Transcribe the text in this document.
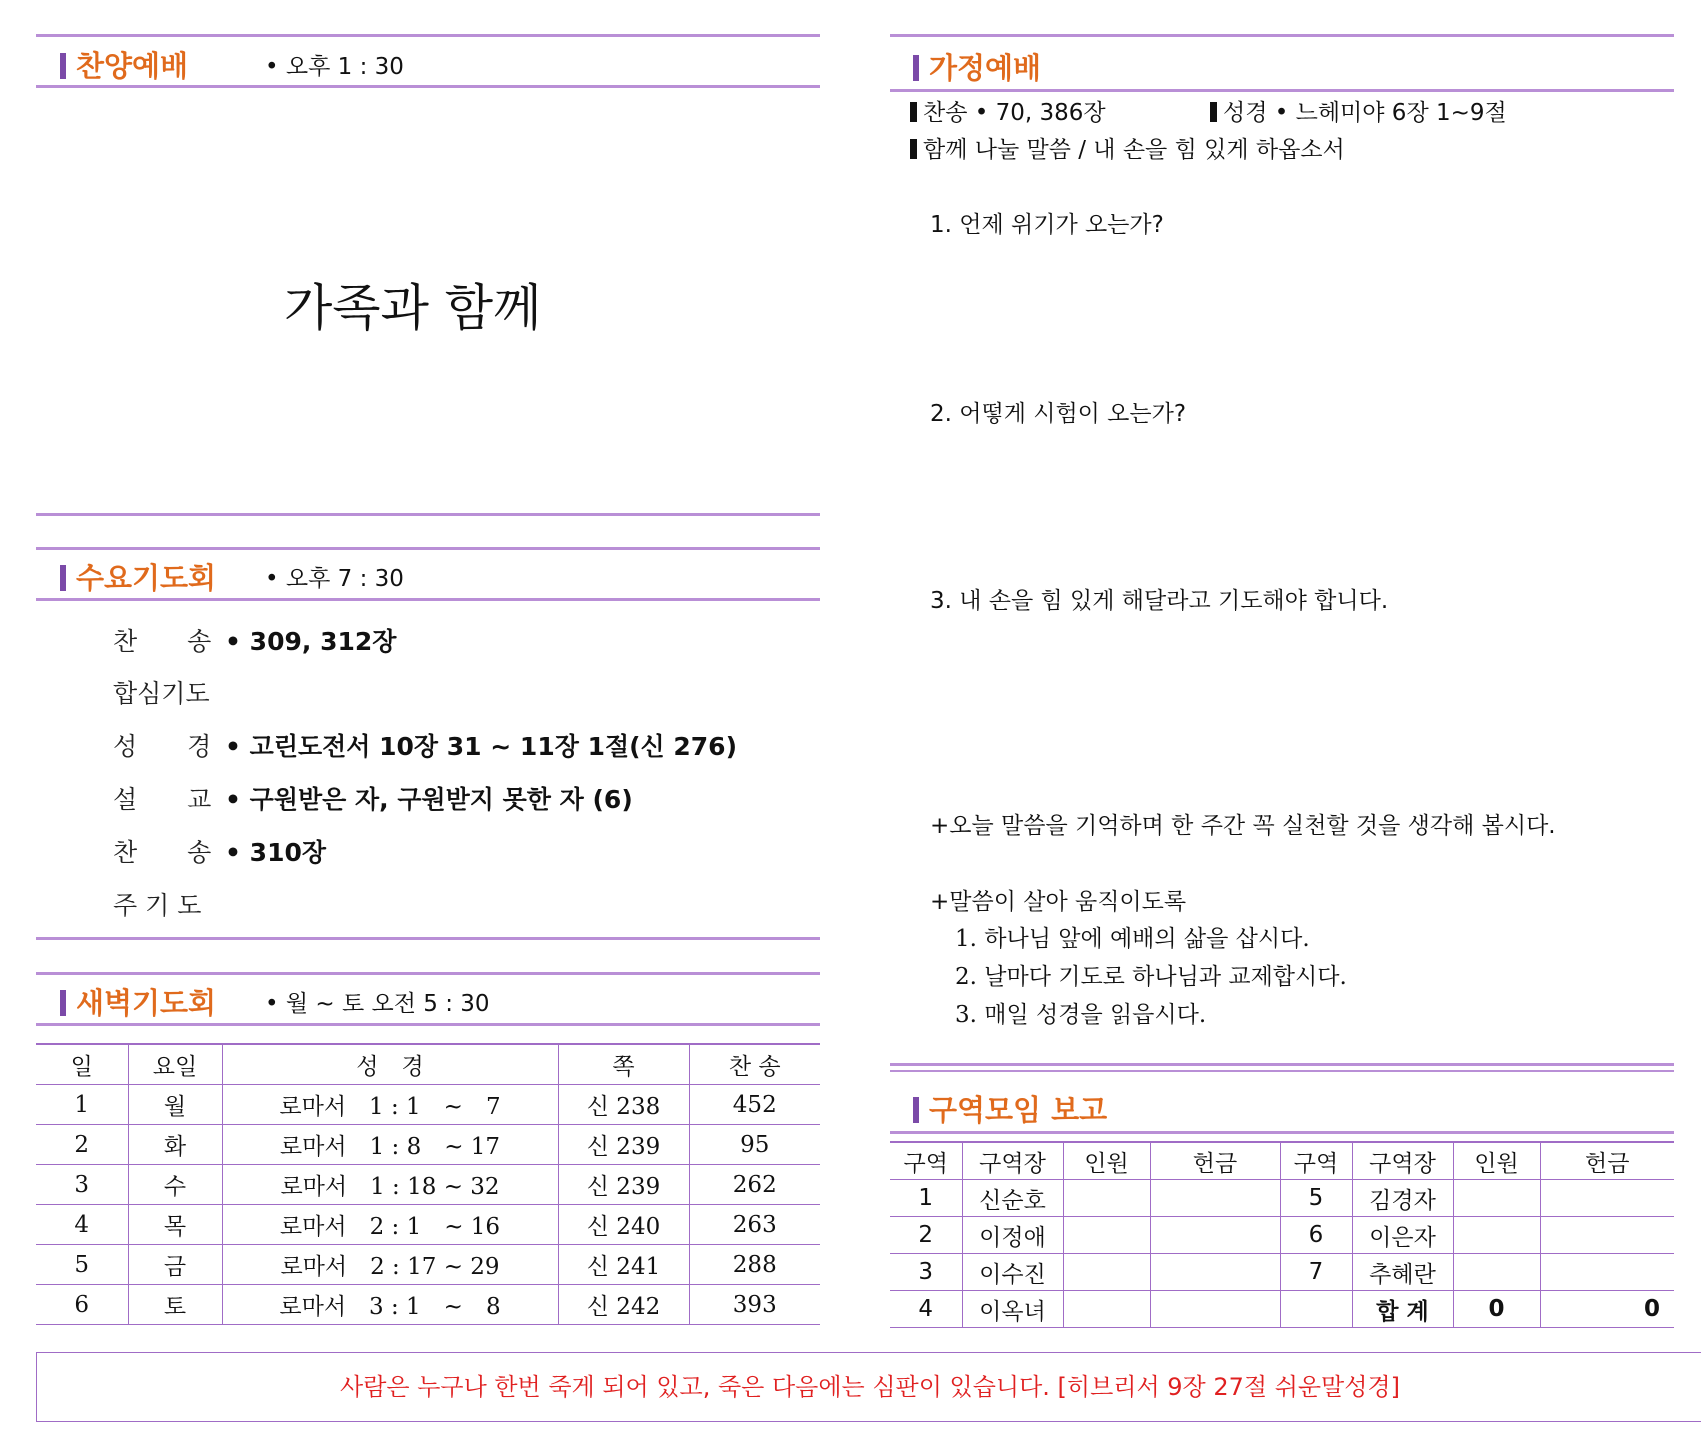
찬양예배	• 오후 1 : 30
가족과 함께
수요기도회 • 오후 7 : 30
찬　　송 • 309, 312장
합심기도
성　　경 • 고린도전서 10장 31 ~ 11장 1절(신 276)
설　　교 • 구원받은 자, 구원받지 못한 자 (6)
찬　　송 • 310장
주 기 도
새벽기도회 • 월 ~ 토 오전 5 : 30
일	요일	성　경	쪽	찬 송
1	월	로마서　1 : 1　~　7	신 238	452
2	화	로마서　1 : 8　~ 17	신 239	95
3	수	로마서　1 : 18 ~ 32	신 239	262
4	목	로마서　2 : 1　~ 16	신 240	263
5	금	로마서　2 : 17 ~ 29	신 241	288
6	토	로마서　3 : 1　~　8	신 242	393
가정예배
찬송 • 70, 386장	성경 • 느헤미야 6장 1~9절
함께 나눌 말씀 / 내 손을 힘 있게 하옵소서
1. 언제 위기가 오는가?
2. 어떻게 시험이 오는가?
3. 내 손을 힘 있게 해달라고 기도해야 합니다.
+오늘 말씀을 기억하며 한 주간 꼭 실천할 것을 생각해 봅시다.
+말씀이 살아 움직이도록
1. 하나님 앞에 예배의 삶을 삽시다.
2. 날마다 기도로 하나님과 교제합시다.
3. 매일 성경을 읽읍시다.
구역모임 보고
구역	구역장	인원	헌금	구역	구역장	인원	헌금
1	신순호			5	김경자		
2	이정애			6	이은자		
3	이수진			7	추혜란		
4	이옥녀				합 계	0	0
사람은 누구나 한번 죽게 되어 있고, 죽은 다음에는 심판이 있습니다. [히브리서 9장 27절 쉬운말성경]
